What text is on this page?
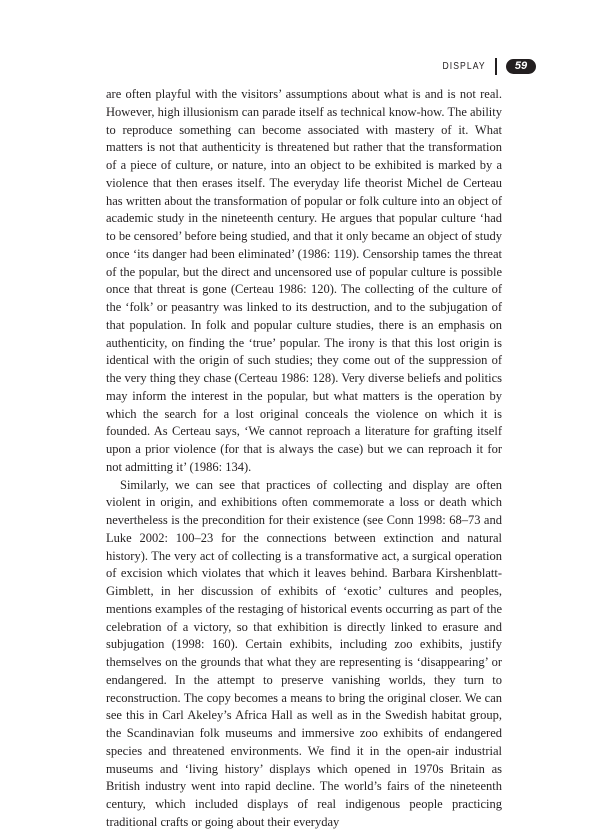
DISPLAY	59

are often playful with the visitors’ assumptions about what is and is not real. However, high illusionism can parade itself as technical know-how. The ability to reproduce something can become associated with mastery of it. What matters is not that authenticity is threatened but rather that the transformation of a piece of culture, or nature, into an object to be exhibited is marked by a violence that then erases itself. The everyday life theorist Michel de Certeau has written about the transformation of popular or folk culture into an object of academic study in the nineteenth century. He argues that popular culture ‘had to be censored’ before being studied, and that it only became an object of study once ‘its danger had been eliminated’ (1986: 119). Censorship tames the threat of the popular, but the direct and uncensored use of popular culture is possible once that threat is gone (Certeau 1986: 120). The collecting of the culture of the ‘folk’ or peasantry was linked to its destruction, and to the subjugation of that population. In folk and popular culture studies, there is an emphasis on authenticity, on finding the ‘true’ popular. The irony is that this lost origin is identical with the origin of such studies; they come out of the suppression of the very thing they chase (Certeau 1986: 128). Very diverse beliefs and politics may inform the interest in the popular, but what matters is the operation by which the search for a lost original conceals the violence on which it is founded. As Certeau says, ‘We cannot reproach a literature for grafting itself upon a prior violence (for that is always the case) but we can reproach it for not admitting it’ (1986: 134).

Similarly, we can see that practices of collecting and display are often violent in origin, and exhibitions often commemorate a loss or death which nevertheless is the precondition for their existence (see Conn 1998: 68–73 and Luke 2002: 100–23 for the connections between extinction and natural history). The very act of collecting is a transformative act, a surgical operation of excision which violates that which it leaves behind. Barbara Kirshenblatt-Gimblett, in her discussion of exhibits of ‘exotic’ cultures and peoples, mentions examples of the restaging of historical events occurring as part of the celebration of a victory, so that exhibition is directly linked to erasure and subjugation (1998: 160). Certain exhibits, including zoo exhibits, justify themselves on the grounds that what they are representing is ‘disappearing’ or endangered. In the attempt to preserve vanishing worlds, they turn to reconstruction. The copy becomes a means to bring the original closer. We can see this in Carl Akeley’s Africa Hall as well as in the Swedish habitat group, the Scandinavian folk museums and immersive zoo exhibits of endangered species and threatened environments. We find it in the open-air industrial museums and ‘living history’ displays which opened in 1970s Britain as British industry went into rapid decline. The world’s fairs of the nineteenth century, which included displays of real indigenous people practicing traditional crafts or going about their everyday
